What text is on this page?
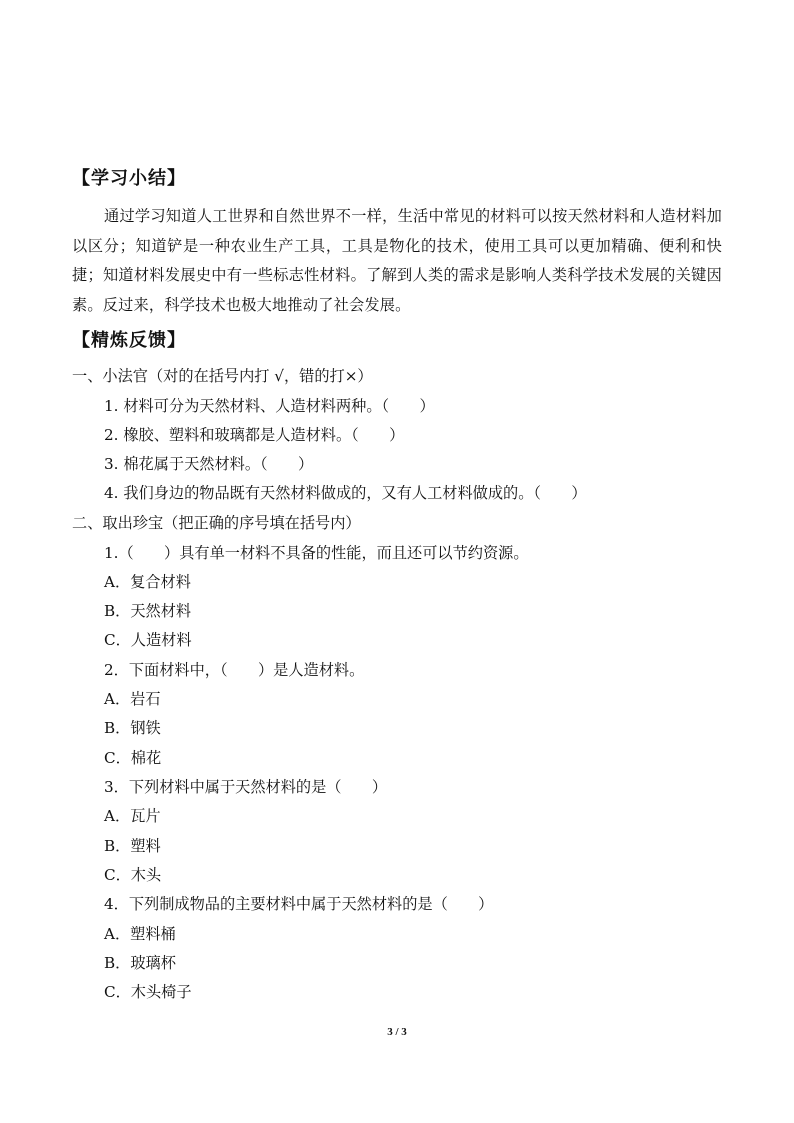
【学习小结】
通过学习知道人工世界和自然世界不一样，生活中常见的材料可以按天然材料和人造材料加以区分；知道铲是一种农业生产工具，工具是物化的技术，使用工具可以更加精确、便利和快捷；知道材料发展史中有一些标志性材料。了解到人类的需求是影响人类科学技术发展的关键因素。反过来，科学技术也极大地推动了社会发展。
【精炼反馈】
一、小法官（对的在括号内打 √，错的打×）
1. 材料可分为天然材料、人造材料两种。（　　）
2. 橡胶、塑料和玻璃都是人造材料。（　　）
3. 棉花属于天然材料。（　　）
4. 我们身边的物品既有天然材料做成的，又有人工材料做成的。（　　）
二、取出珍宝（把正确的序号填在括号内）
1.（　　）具有单一材料不具备的性能，而且还可以节约资源。
A．复合材料
B．天然材料
C．人造材料
2．下面材料中，（　　）是人造材料。
A．岩石
B．钢铁
C．棉花
3．下列材料中属于天然材料的是（　　）
A．瓦片
B．塑料
C．木头
4．下列制成物品的主要材料中属于天然材料的是（　　）
A．塑料桶
B．玻璃杯
C．木头椅子
3 / 3
